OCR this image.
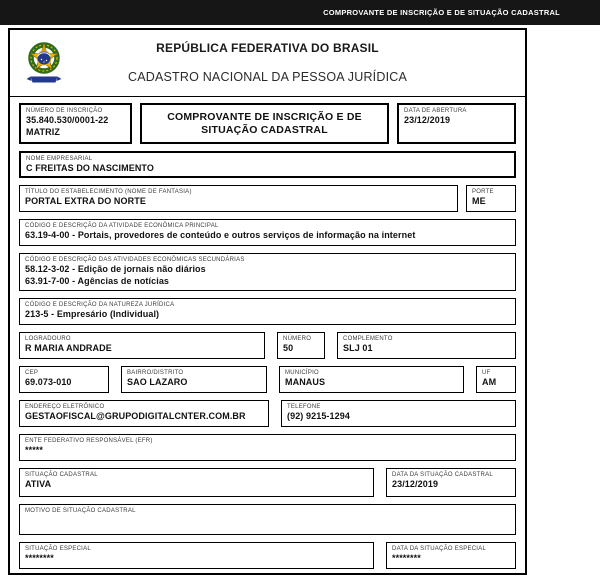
COMPROVANTE DE INSCRIÇÃO E DE SITUAÇÃO CADASTRAL
REPÚBLICA FEDERATIVA DO BRASIL
CADASTRO NACIONAL DA PESSOA JURÍDICA
NÚMERO DE INSCRIÇÃO
35.840.530/0001-22
MATRIZ
COMPROVANTE DE INSCRIÇÃO E DE SITUAÇÃO CADASTRAL
DATA DE ABERTURA
23/12/2019
NOME EMPRESARIAL
C FREITAS DO NASCIMENTO
TÍTULO DO ESTABELECIMENTO (NOME DE FANTASIA)
PORTAL EXTRA DO NORTE
PORTE
ME
CÓDIGO E DESCRIÇÃO DA ATIVIDADE ECONÔMICA PRINCIPAL
63.19-4-00 - Portais, provedores de conteúdo e outros serviços de informação na internet
CÓDIGO E DESCRIÇÃO DAS ATIVIDADES ECONÔMICAS SECUNDÁRIAS
58.12-3-02 - Edição de jornais não diários
63.91-7-00 - Agências de notícias
CÓDIGO E DESCRIÇÃO DA NATUREZA JURÍDICA
213-5 - Empresário (Individual)
LOGRADOURO
R MARIA ANDRADE
NÚMERO
50
COMPLEMENTO
SLJ 01
CEP
69.073-010
BAIRRO/DISTRITO
SAO LAZARO
MUNICÍPIO
MANAUS
UF
AM
ENDEREÇO ELETRÔNICO
GESTAOFISCAL@GRUPODIGITALCNTER.COM.BR
TELEFONE
(92) 9215-1294
ENTE FEDERATIVO RESPONSÁVEL (EFR)
*****
SITUAÇÃO CADASTRAL
ATIVA
DATA DA SITUAÇÃO CADASTRAL
23/12/2019
MOTIVO DE SITUAÇÃO CADASTRAL
SITUAÇÃO ESPECIAL
********
DATA DA SITUAÇÃO ESPECIAL
********
